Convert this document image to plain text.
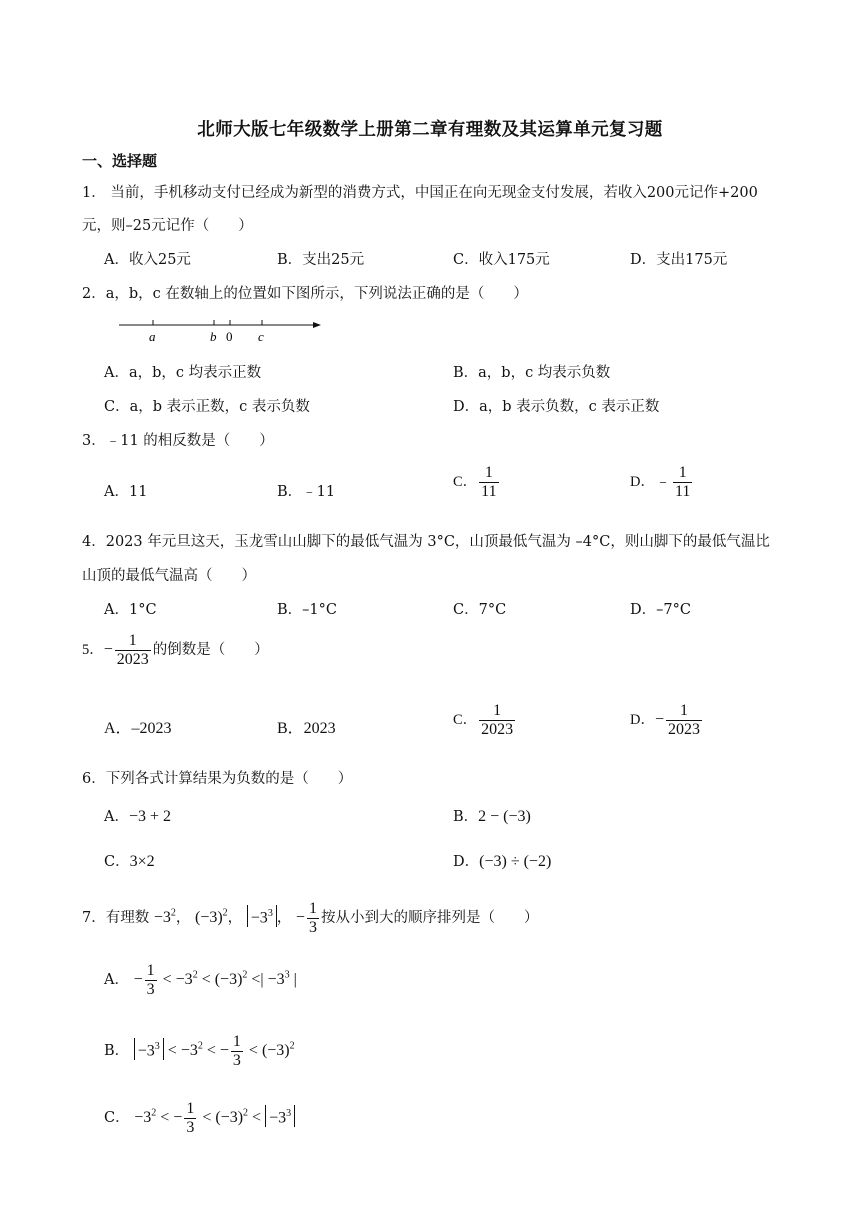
北师大版七年级数学上册第二章有理数及其运算单元复习题
一、选择题
1． 当前，手机移动支付已经成为新型的消费方式，中国正在向无现金支付发展，若收入200元记作+200
元，则–25元记作（　　）
A．收入25元	B．支出25元	C．收入175元	D．支出175元
2．a，b，c 在数轴上的位置如下图所示，下列说法正确的是（　　）
a	b 0 c
A．a，b，c 均表示正数	B．a，b，c 均表示负数
C．a，b 表示正数，c 表示负数	D．a，b 表示负数，c 表示正数
3．﹣11 的相反数是（　　）
A．11	B．﹣11
C． $\frac{1}{11}$	D．﹣ $\frac{1}{11}$
4．2023 年元旦这天，玉龙雪山山脚下的最低气温为 3°C，山顶最低气温为 –4°C，则山脚下的最低气温比
山顶的最低气温高（　　）
A．1°C	B．–1°C	C．7°C	D．–7°C
5．− $\frac{1}{2023}$ 的倒数是（　　）
A．–2023	B．2023	C． $\frac{1}{2023}$	D．− $\frac{1}{2023}$
6．下列各式计算结果为负数的是（　　）
A．−3 + 2	B．2 − (−3)
C．3×2	D．(−3) ÷ (−2)
7．有理数 $-3^2$， $(-3)^2$， $-3^3$ ， − $\frac{1}{3}$ 按从小到大的顺序排列是（　　）
A． − $\frac{1}{3} < -3^2 < (-3)^2$ <| $-3^3$ |
B． $-3^3 < -3^2$ < − $\frac{1}{3} < (-3)^2$
C． $-3^2$ < − $\frac{1}{3} < (-3)^2 < -3^3$
